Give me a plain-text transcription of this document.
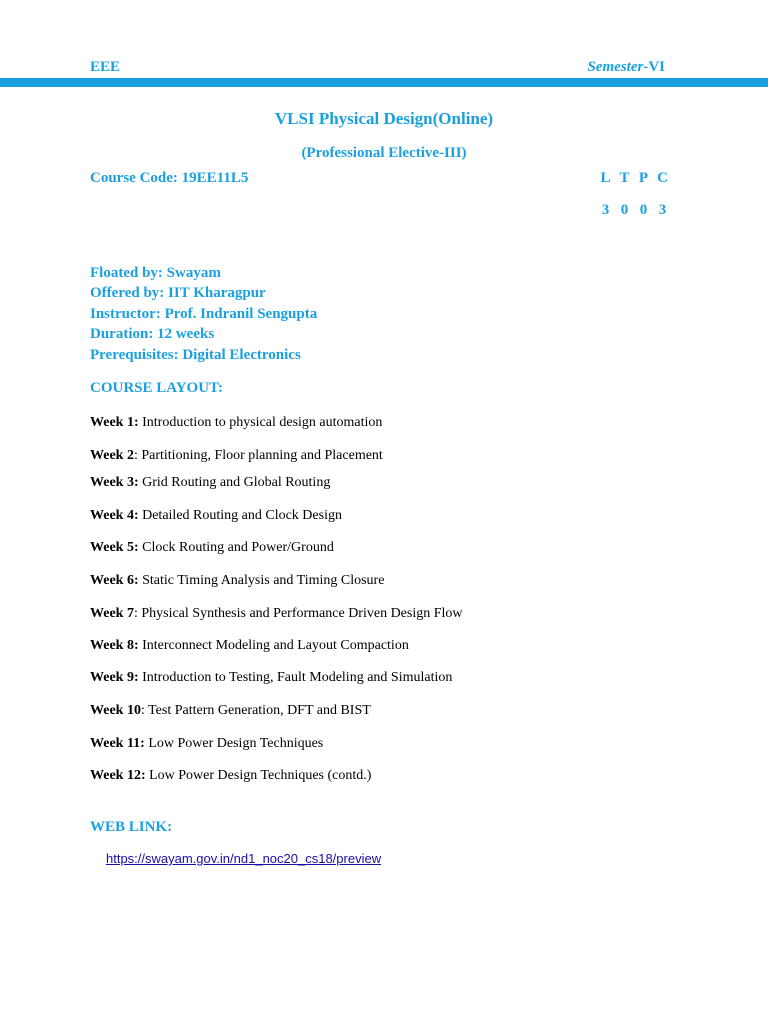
EEE	Semester-VI
VLSI Physical Design(Online)
(Professional Elective-III)
Course Code: 19EE11L5	L T P C
3 0 0 3
Floated by: Swayam
Offered by: IIT Kharagpur
Instructor: Prof. Indranil Sengupta
Duration: 12 weeks
Prerequisites: Digital Electronics
COURSE LAYOUT:
Week 1: Introduction to physical design automation
Week 2: Partitioning, Floor planning and Placement
Week 3: Grid Routing and Global Routing
Week 4: Detailed Routing and Clock Design
Week 5: Clock Routing and Power/Ground
Week 6: Static Timing Analysis and Timing Closure
Week 7: Physical Synthesis and Performance Driven Design Flow
Week 8: Interconnect Modeling and Layout Compaction
Week 9: Introduction to Testing, Fault Modeling and Simulation
Week 10: Test Pattern Generation, DFT and BIST
Week 11: Low Power Design Techniques
Week 12: Low Power Design Techniques (contd.)
WEB LINK:
https://swayam.gov.in/nd1_noc20_cs18/preview
